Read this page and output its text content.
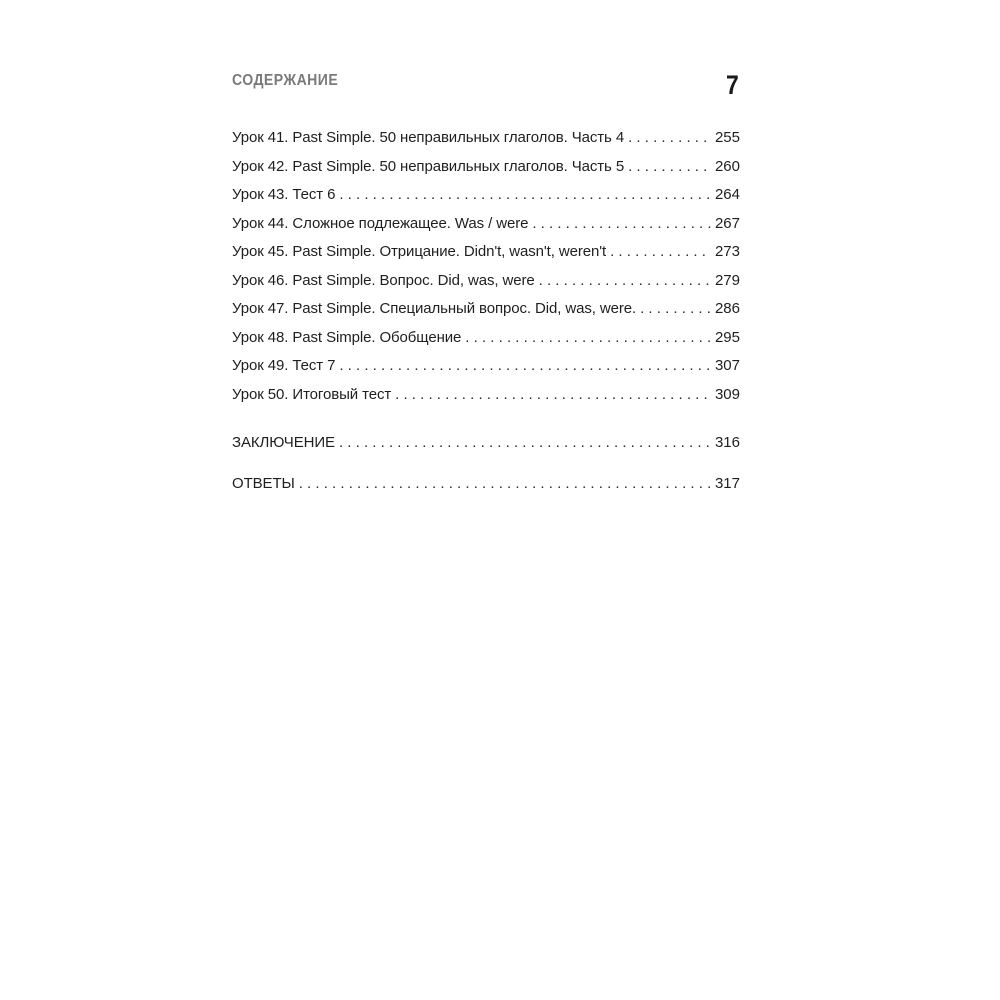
СОДЕРЖАНИЕ	7
Урок 41. Past Simple. 50 неправильных глаголов. Часть 4 . . .	255
Урок 42. Past Simple. 50 неправильных глаголов. Часть 5 . . .	260
Урок 43. Тест 6 . . .	264
Урок 44. Сложное подлежащее. Was / were . . .	267
Урок 45. Past Simple. Отрицание. Didn't, wasn't, weren't . . .	273
Урок 46. Past Simple. Вопрос. Did, was, were . . .	279
Урок 47. Past Simple. Специальный вопрос. Did, was, were. . . .	286
Урок 48. Past Simple. Обобщение . . .	295
Урок 49. Тест 7 . . .	307
Урок 50. Итоговый тест . . .	309
ЗАКЛЮЧЕНИЕ . . .	316
ОТВЕТЫ . . .	317
